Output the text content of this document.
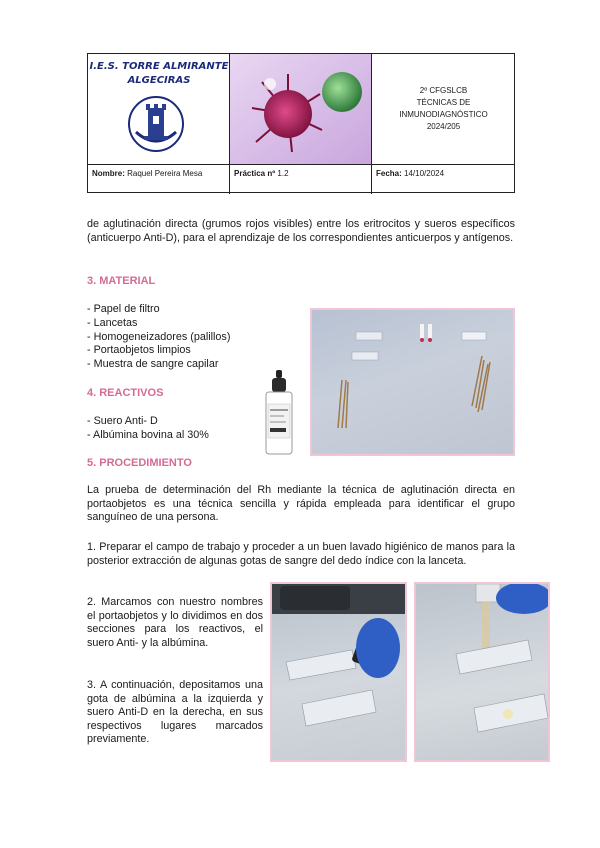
I.E.S. TORRE ALMIRANTE
ALGECIRAS
2º CFGSLCB
TÉCNICAS DE
INMUNODIAGNÓSTICO
2024/205
Nombre: Raquel Pereira Mesa	Práctica nº 1.2	Fecha: 14/10/2024

de aglutinación directa (grumos rojos visibles) entre los eritrocitos y sueros específicos (anticuerpo Anti-D), para el aprendizaje de los correspondientes anticuerpos y antígenos.

3. MATERIAL
- Papel de filtro
- Lancetas
- Homogeneizadores (palillos)
- Portaobjetos limpios
- Muestra de sangre capilar
4. REACTIVOS
- Suero Anti- D
- Albúmina bovina al 30%
5. PROCEDIMIENTO

La prueba de determinación del Rh mediante la técnica de aglutinación directa en portaobjetos es una técnica sencilla y rápida empleada para identificar el grupo sanguíneo de una persona.

1. Preparar el campo de trabajo y proceder a un buen lavado higiénico de manos para la posterior extracción de algunas gotas de sangre del dedo índice con la lanceta.

2. Marcamos con nuestro nombres el portaobjetos y lo dividimos en dos secciones para los reactivos, el suero Anti- y la albúmina.

3. A continuación, depositamos una gota de albúmina a la izquierda y suero Anti-D en la derecha, en sus respectivos lugares marcados previamente.
